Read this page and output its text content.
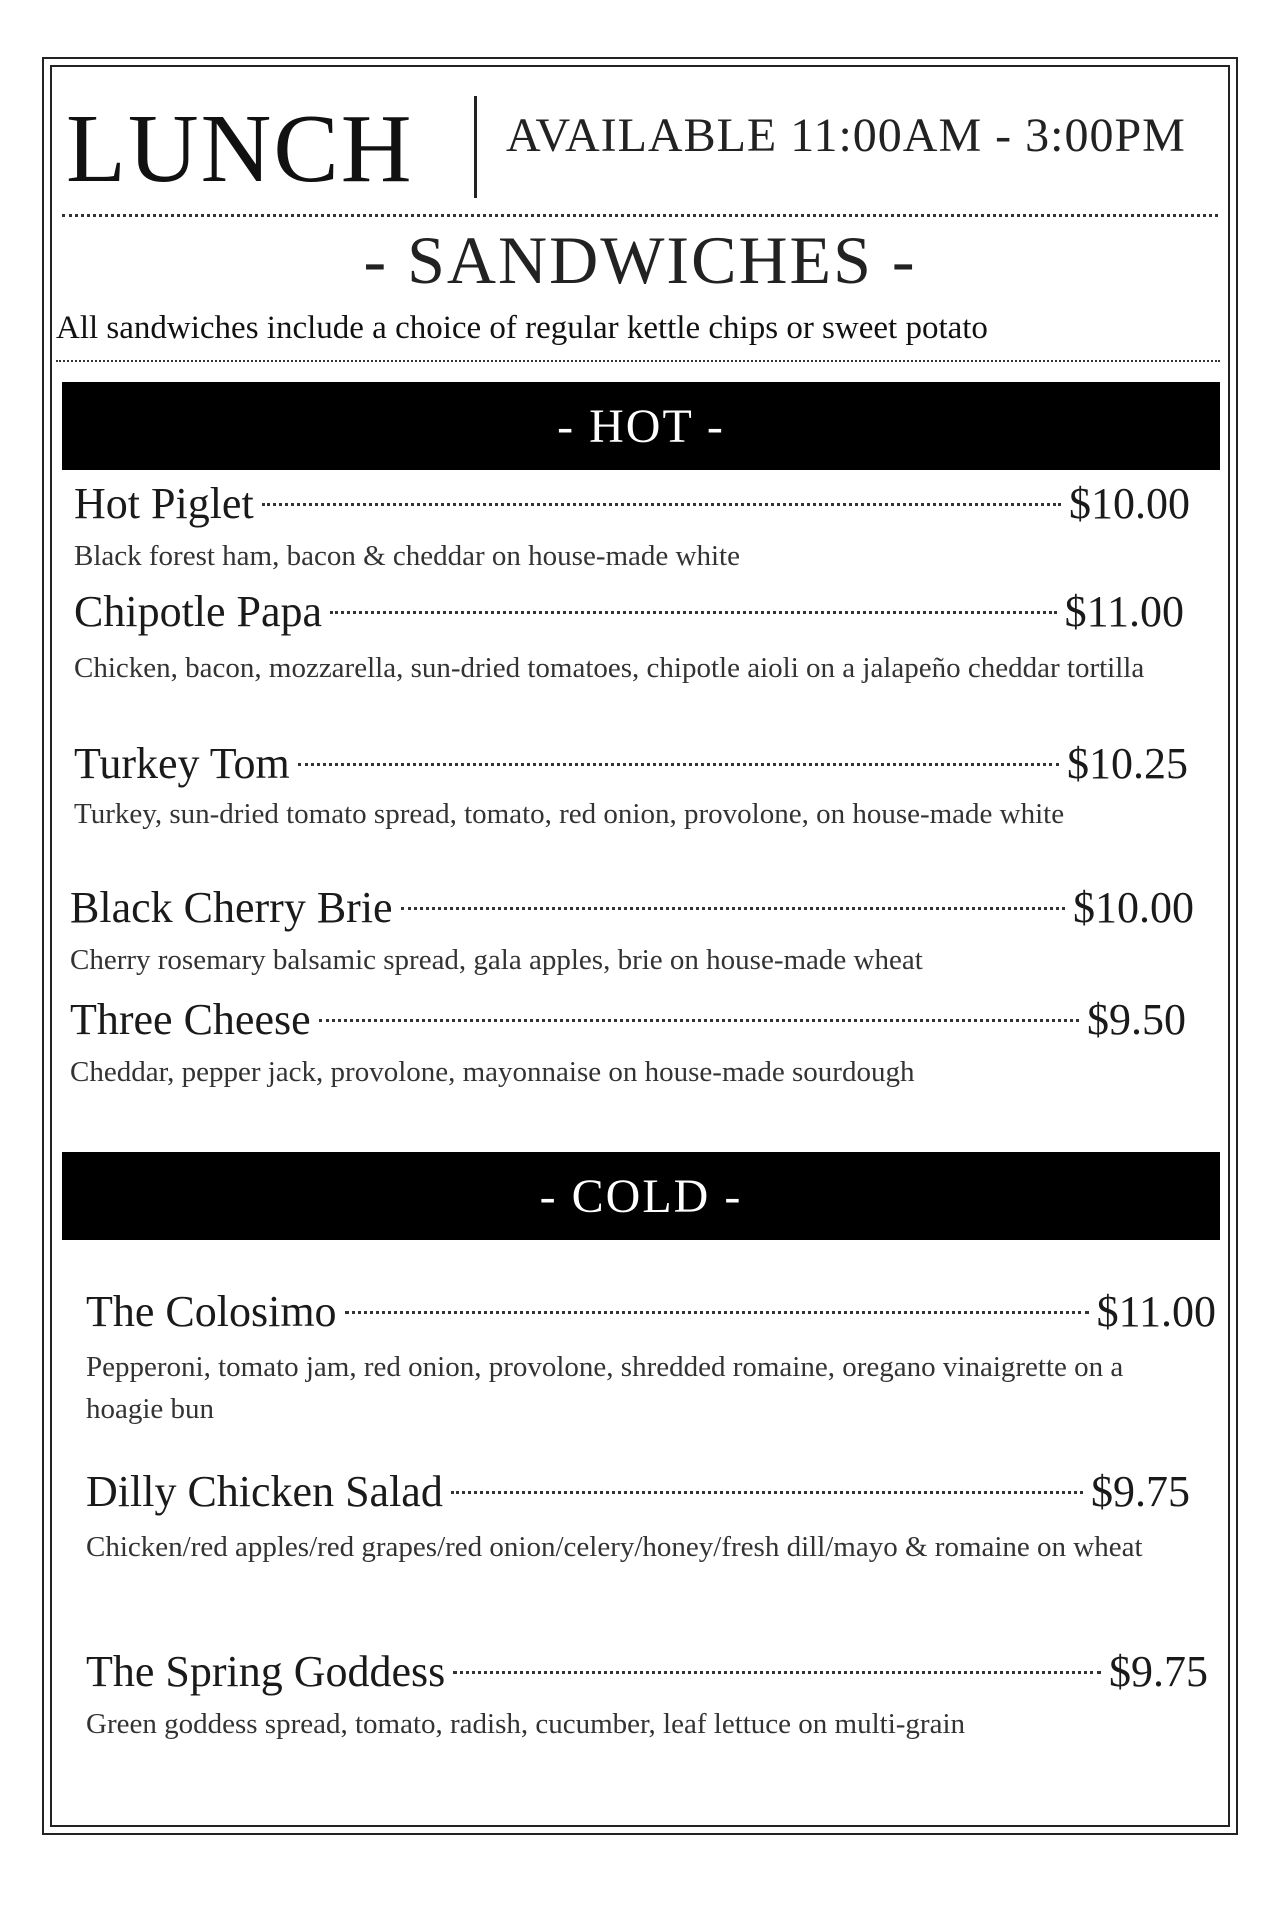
LUNCH AVAILABLE 11:00AM - 3:00PM
- SANDWICHES -
All sandwiches include a choice of regular kettle chips or sweet potato
- HOT -
Hot Piglet	$10.00
Black forest ham, bacon & cheddar on house-made white
Chipotle Papa	$11.00
Chicken, bacon, mozzarella, sun-dried tomatoes, chipotle aioli on a jalapeño cheddar tortilla
Turkey Tom	$10.25
Turkey, sun-dried tomato spread, tomato, red onion, provolone, on house-made white
Black Cherry Brie	$10.00
Cherry rosemary balsamic spread, gala apples, brie on house-made wheat
Three Cheese	$9.50
Cheddar, pepper jack, provolone, mayonnaise on house-made sourdough
- COLD -
The Colosimo	$11.00
Pepperoni, tomato jam, red onion, provolone, shredded romaine, oregano vinaigrette on a hoagie bun
Dilly Chicken Salad	$9.75
Chicken/red apples/red grapes/red onion/celery/honey/fresh dill/mayo & romaine on wheat
The Spring Goddess	$9.75
Green goddess spread, tomato, radish, cucumber, leaf lettuce on multi-grain
